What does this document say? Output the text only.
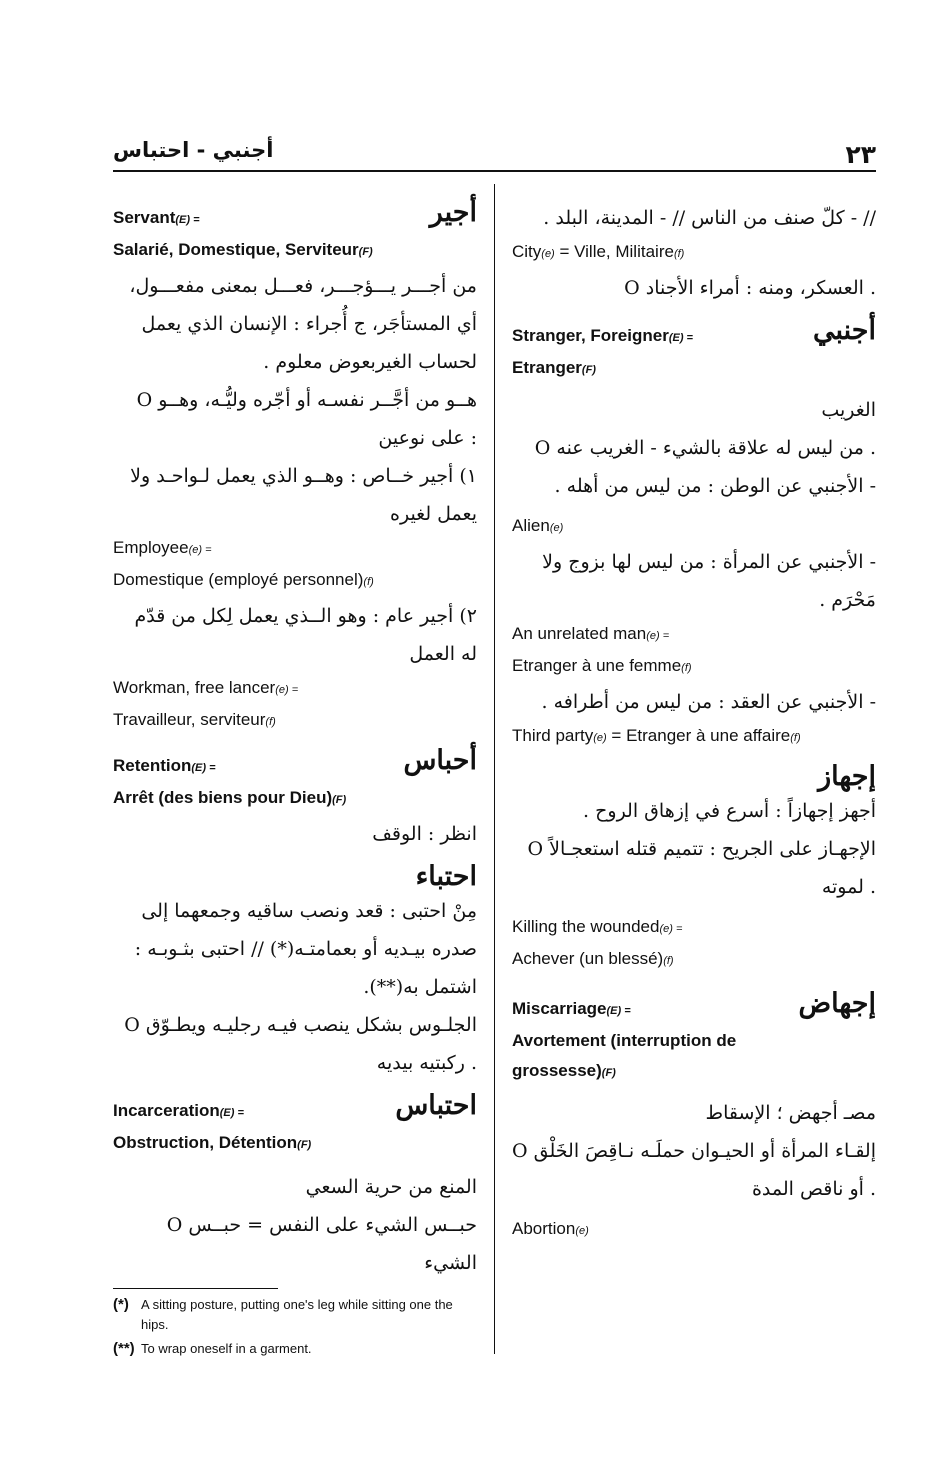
أجنبي - احتباس	٢٣
أجير
Servant(E) =
Salarié, Domestique, Serviteur(F)
من أجـــر يـــؤجـــر، فعـــل بمعنى مفعـــول، أي المستأجَر، ج أُجراء : الإنسان الذي يعمل لحساب الغيربعوض معلوم .
O هــو من أجَّــر نفسـه أو أجّره وليُّـه، وهــو على نوعين :
١) أجير خــاص : وهــو الذي يعمل لـواحـد ولا يعمل لغيره
Employee(e) =
Domestique (employé personnel)(f)
٢) أجير عام : وهو الــذي يعمل لِكل من قدّم له العمل
Workman, free lancer(e) =
Travailleur, serviteur(f)
أحباس
Retention(E) =
Arrêt (des biens pour Dieu)(F)
انظر : الوقف
احتباء
مِنْ احتبى : قعد ونصب ساقيه وجمعهما إلى صدره بيـديه أو بعمامتـه(*) // احتبى بثـوبـه : اشتمل به(**).
O الجلـوس بشكل ينصب فيـه رجليـه ويطـوّق ركبتيه بيديه .
احتباس
Incarceration(E) =
Obstruction, Détention(F)
المنع من حرية السعي
O حبــس الشيء على النفس = حبــس الشيء
(*) A sitting posture, putting one's leg while sitting one the hips.
(**) To wrap oneself in a garment.
// - كلّ صنف من الناس // - المدينة، البلد .
City(e) = Ville, Militaire(f)
O العسكر، ومنه : أمراء الأجناد .
أجنبي
Stranger, Foreigner(E) =
Etranger(F)
الغريب
O من ليس له علاقة بالشيء - الغريب عنه .
- الأجنبي عن الوطن : من ليس من أهله .
Alien(e)
- الأجنبي عن المرأة : من ليس لها بزوج ولا مَحْرَم .
An unrelated man(e) =
Etranger à une femme(f)
- الأجنبي عن العقد : من ليس من أطرافه .
Third party(e) = Etranger à une affaire(f)
إجهاز
أجهز إجهازاً : أسرع في إزهاق الروح .
O الإجهـاز على الجريح : تتميم قتله استعجـالاً لموته .
Killing the wounded(e) =
Achever (un blessé)(f)
إجهاض
Miscarriage(E) =
Avortement (interruption de grossesse)(F)
مصـ أجهض ؛ الإسقاط
O إلقـاء المرأة أو الحيـوان حملَـه نـاقِصَ الخَلْق أو ناقص المدة .
Abortion(e)
